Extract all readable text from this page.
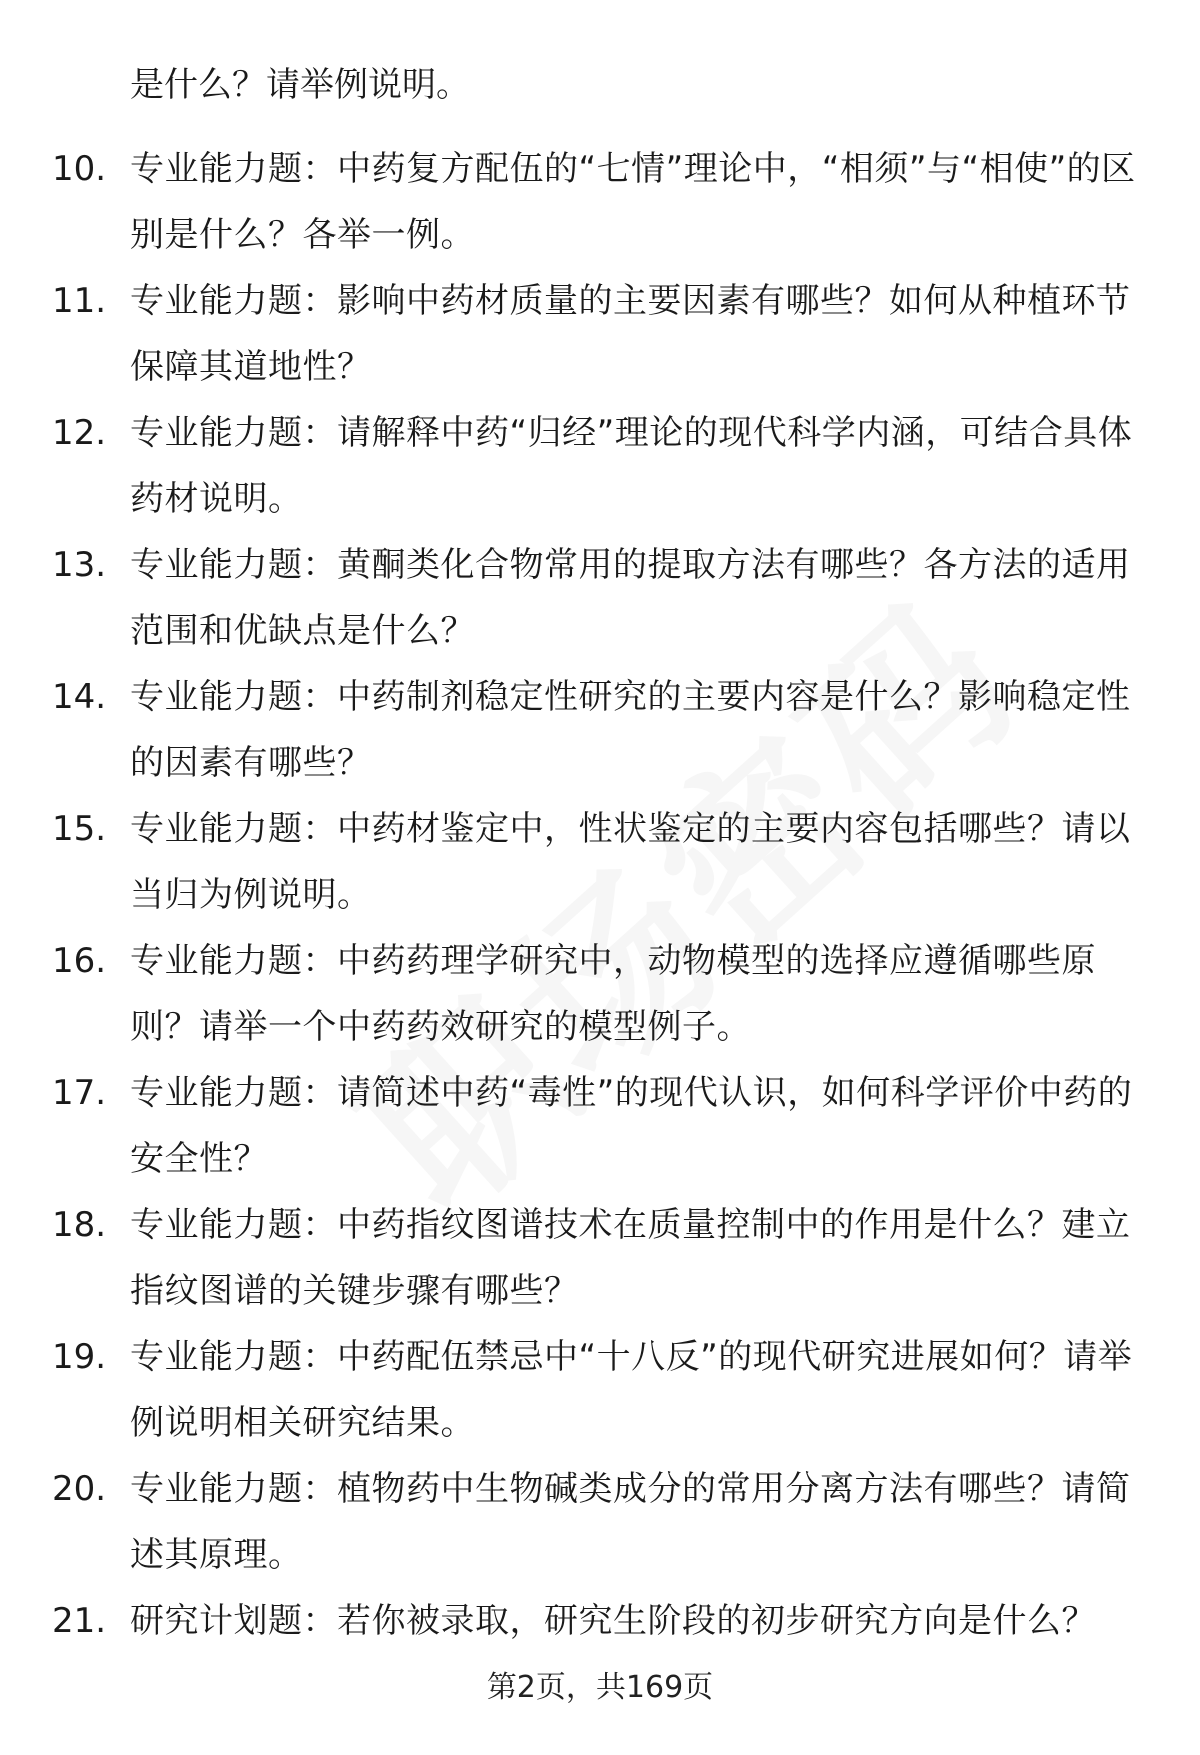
是什么？请举例说明。
10. 专业能力题：中药复方配伍的“七情”理论中，“相须”与“相使”的区别是什么？各举一例。
11. 专业能力题：影响中药材质量的主要因素有哪些？如何从种植环节保障其道地性？
12. 专业能力题：请解释中药“归经”理论的现代科学内涵，可结合具体药材说明。
13. 专业能力题：黄酮类化合物常用的提取方法有哪些？各方法的适用范围和优缺点是什么？
14. 专业能力题：中药制剂稳定性研究的主要内容是什么？影响稳定性的因素有哪些？
15. 专业能力题：中药材鉴定中，性状鉴定的主要内容包括哪些？请以当归为例说明。
16. 专业能力题：中药药理学研究中，动物模型的选择应遵循哪些原则？请举一个中药药效研究的模型例子。
17. 专业能力题：请简述中药“毒性”的现代认识，如何科学评价中药的安全性？
18. 专业能力题：中药指纹图谱技术在质量控制中的作用是什么？建立指纹图谱的关键步骤有哪些？
19. 专业能力题：中药配伍禁忌中“十八反”的现代研究进展如何？请举例说明相关研究结果。
20. 专业能力题：植物药中生物碱类成分的常用分离方法有哪些？请简述其原理。
21. 研究计划题：若你被录取，研究生阶段的初步研究方向是什么？
第2页，共169页
